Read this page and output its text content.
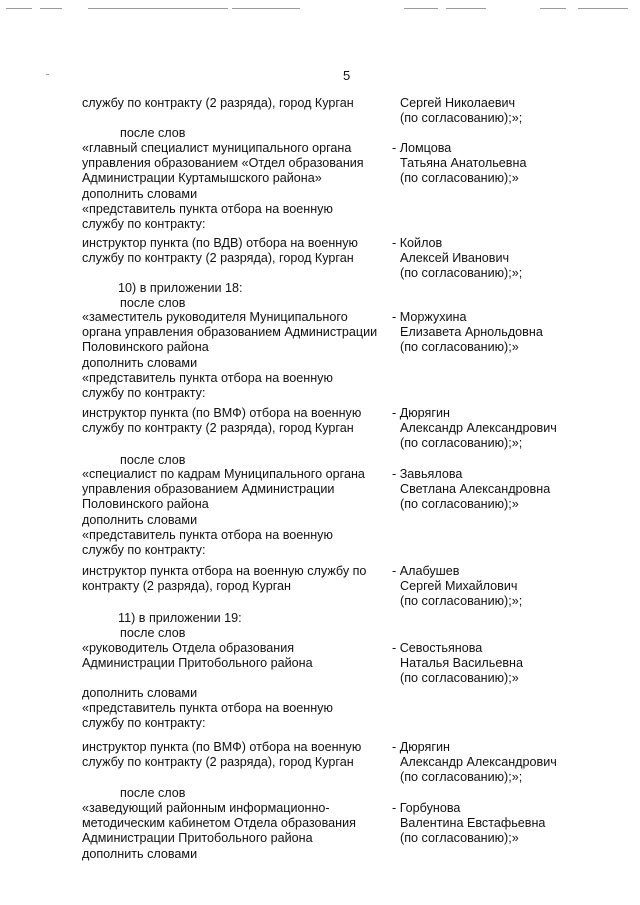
5
службу по контракту (2 разряда), город Курган	Сергей Николаевич
(по согласованию);»;
после слов
«главный специалист муниципального органа
управления образованием «Отдел образования
Администрации Куртамышского района»
дополнить словами
«представитель пункта отбора на военную
службу по контракту:
- Ломцова
Татьяна Анатольевна
(по согласованию);»
инструктор пункта (по ВДВ) отбора на военную
службу по контракту (2 разряда), город Курган
- Койлов
Алексей Иванович
(по согласованию);»;
10) в приложении 18:
после слов
«заместитель руководителя Муниципального
органа управления образованием Администрации
Половинского района
дополнить словами
«представитель пункта отбора на военную
службу по контракту:
- Моржухина
Елизавета Арнольдовна
(по согласованию);»
инструктор пункта (по ВМФ) отбора на военную
службу по контракту (2 разряда), город Курган
- Дюрягин
Александр Александрович
(по согласованию);»;
после слов
«специалист по кадрам Муниципального органа
управления образованием Администрации
Половинского района
дополнить словами
«представитель пункта отбора на военную
службу по контракту:
- Завьялова
Светлана Александровна
(по согласованию);»
инструктор пункта отбора на военную службу по
контракту (2 разряда), город Курган
- Алабушев
Сергей Михайлович
(по согласованию);»;
11) в приложении 19:
после слов
«руководитель Отдела образования
Администрации Притобольного района
- Севостьянова
Наталья Васильевна
(по согласованию);»
дополнить словами
«представитель пункта отбора на военную
службу по контракту:
инструктор пункта (по ВМФ) отбора на военную
службу по контракту (2 разряда), город Курган
- Дюрягин
Александр Александрович
(по согласованию);»;
после слов
«заведующий районным информационно-
методическим кабинетом Отдела образования
Администрации Притобольного района
дополнить словами
- Горбунова
Валентина Евстафьевна
(по согласованию);»
